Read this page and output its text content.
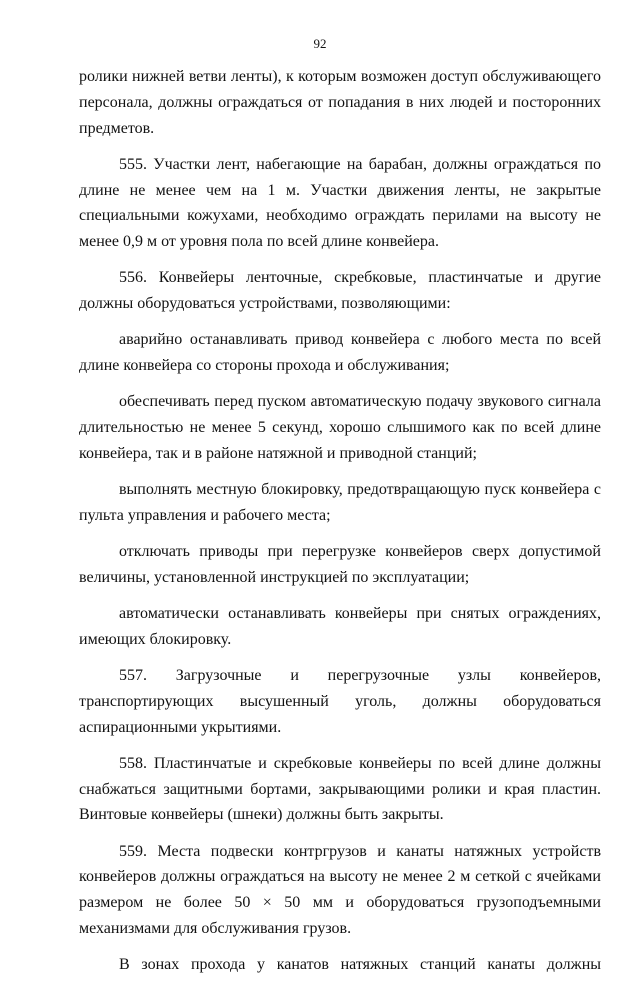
92

ролики нижней ветви ленты), к которым возможен доступ обслуживающего персонала, должны ограждаться от попадания в них людей и посторонних предметов.

555. Участки лент, набегающие на барабан, должны ограждаться по длине не менее чем на 1 м. Участки движения ленты, не закрытые специальными кожухами, необходимо ограждать перилами на высоту не менее 0,9 м от уровня пола по всей длине конвейера.

556. Конвейеры ленточные, скребковые, пластинчатые и другие должны оборудоваться устройствами, позволяющими:

аварийно останавливать привод конвейера с любого места по всей длине конвейера со стороны прохода и обслуживания;

обеспечивать перед пуском автоматическую подачу звукового сигнала длительностью не менее 5 секунд, хорошо слышимого как по всей длине конвейера, так и в районе натяжной и приводной станций;

выполнять местную блокировку, предотвращающую пуск конвейера с пульта управления и рабочего места;

отключать приводы при перегрузке конвейеров сверх допустимой величины, установленной инструкцией по эксплуатации;

автоматически останавливать конвейеры при снятых ограждениях, имеющих блокировку.

557. Загрузочные и перегрузочные узлы конвейеров, транспортирующих высушенный уголь, должны оборудоваться аспирационными укрытиями.

558. Пластинчатые и скребковые конвейеры по всей длине должны снабжаться защитными бортами, закрывающими ролики и края пластин. Винтовые конвейеры (шнеки) должны быть закрыты.

559. Места подвески контргрузов и канаты натяжных устройств конвейеров должны ограждаться на высоту не менее 2 м сеткой с ячейками размером не более 50 × 50 мм и оборудоваться грузоподъемными механизмами для обслуживания грузов.

В зонах прохода у канатов натяжных станций канаты должны
